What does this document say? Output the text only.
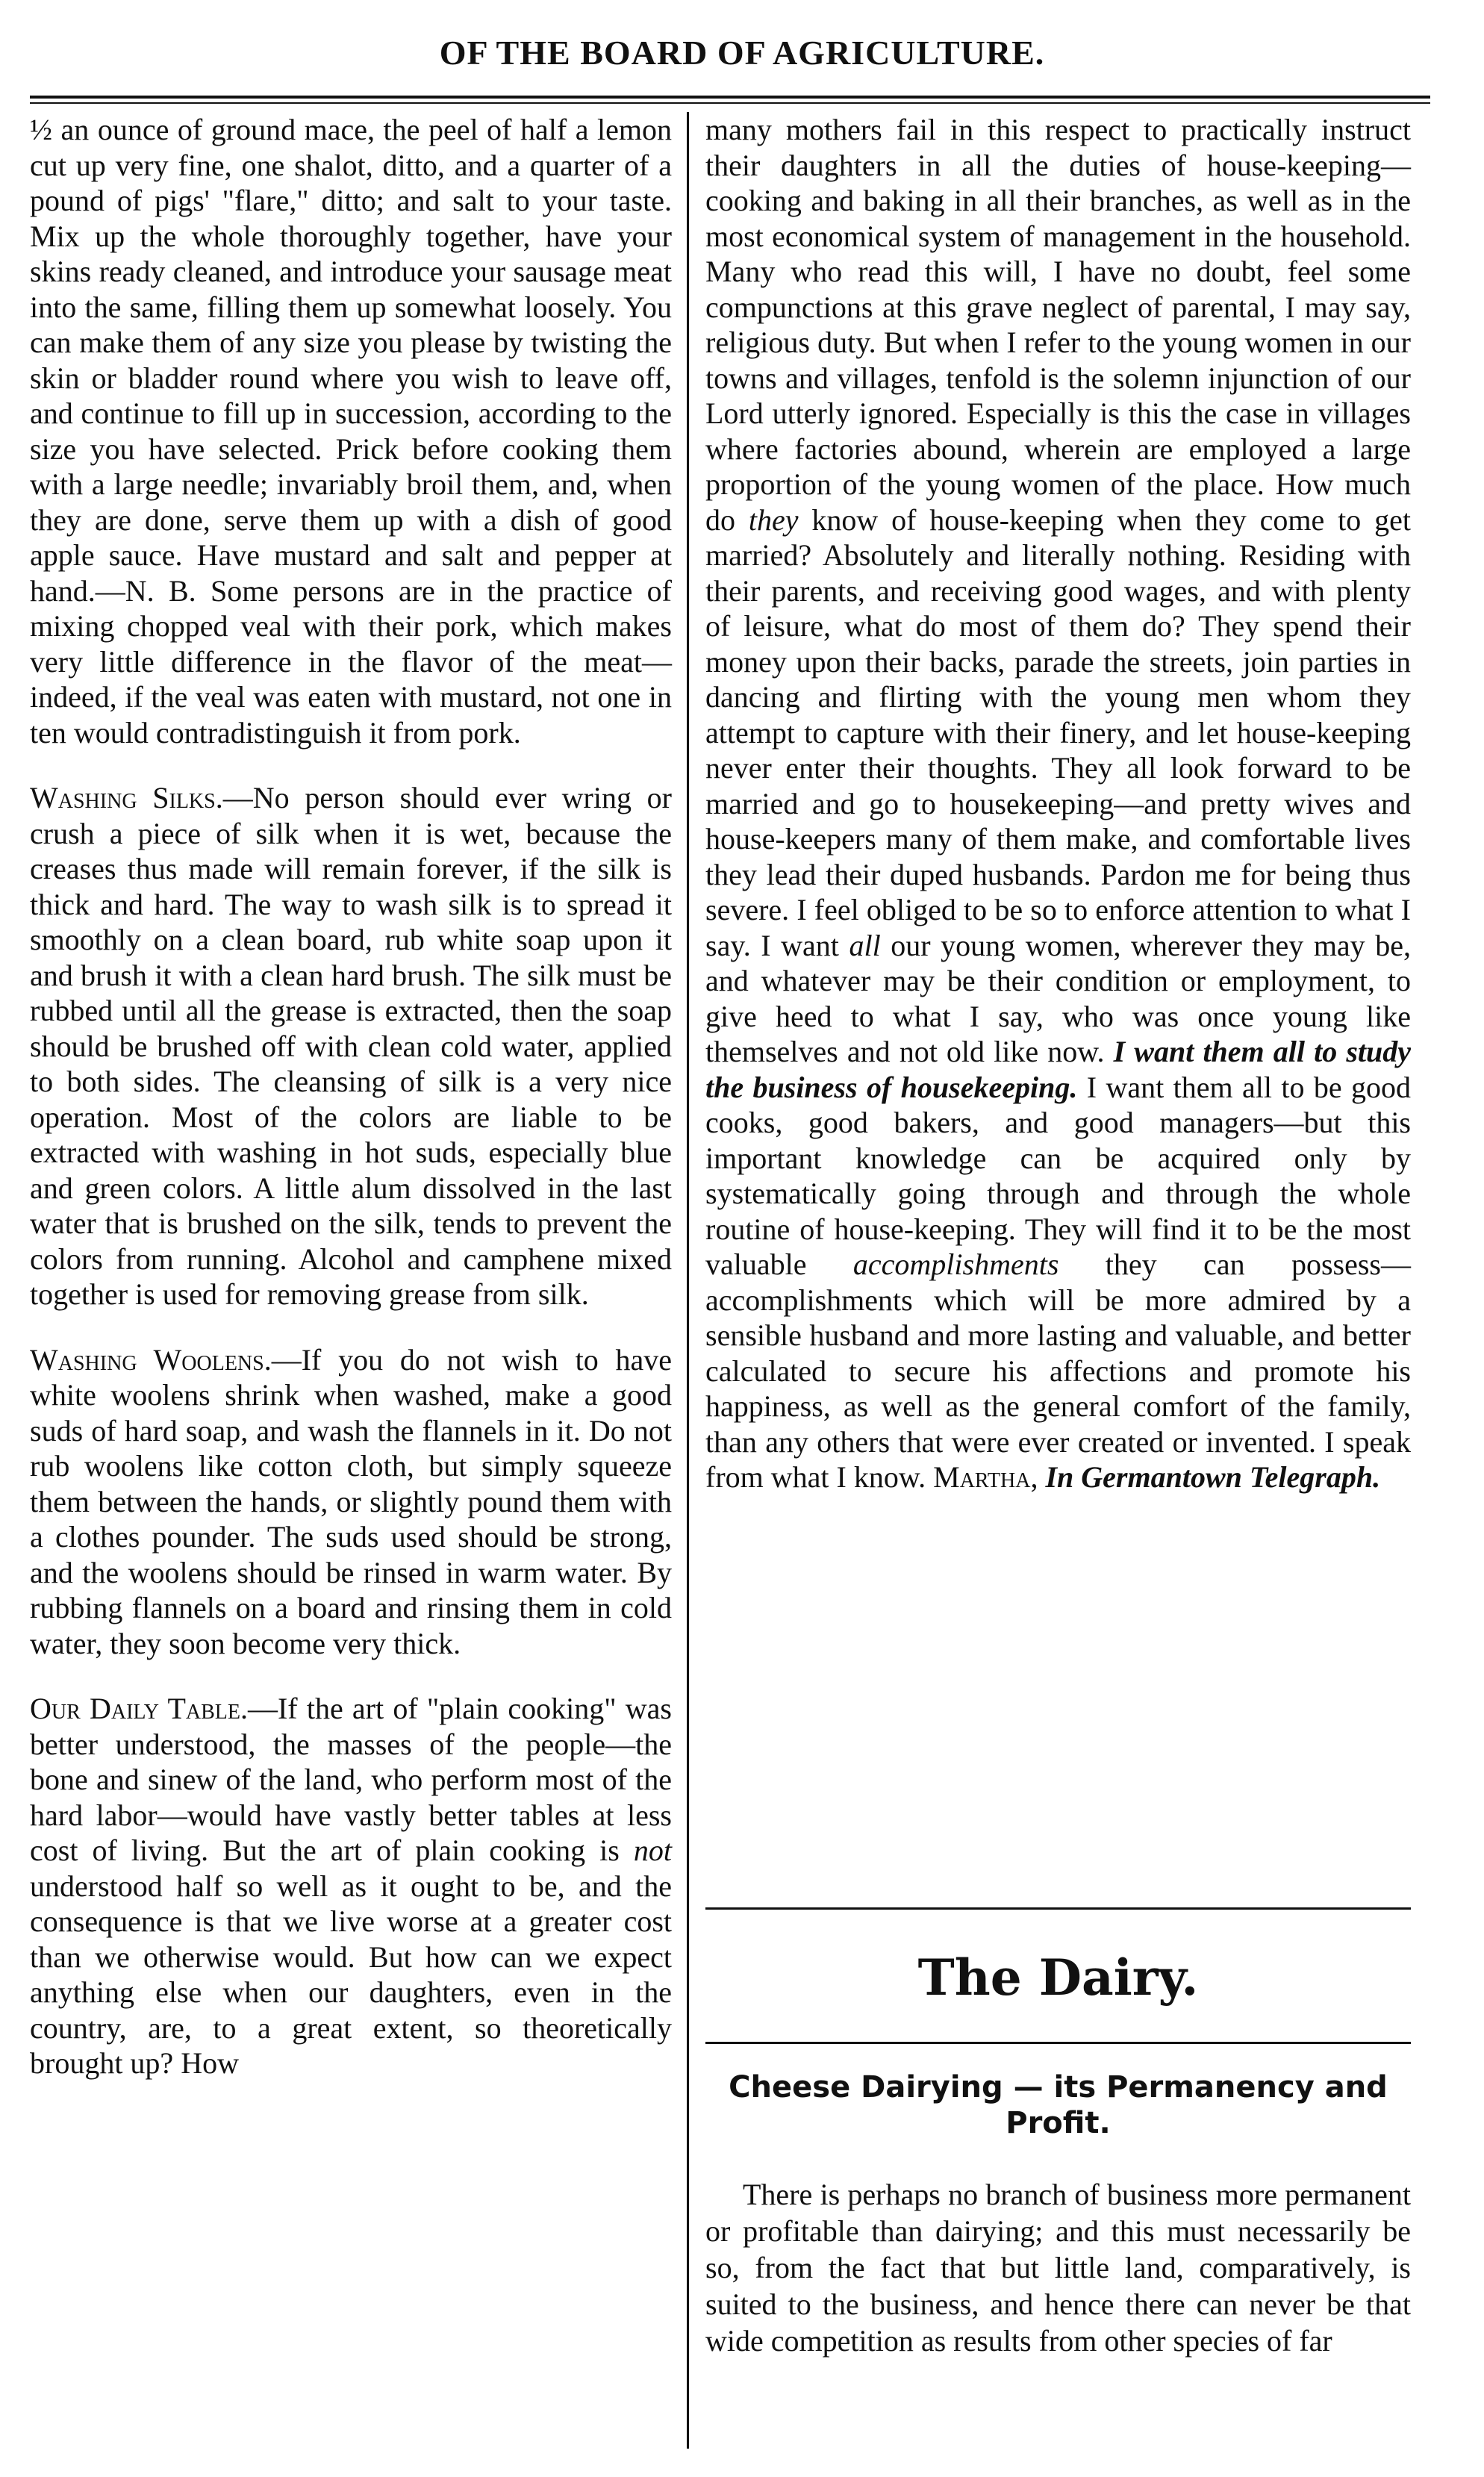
OF THE BOARD OF AGRICULTURE.

½ an ounce of ground mace, the peel of half a lemon cut up very fine, one shalot, ditto, and a quarter of a pound of pigs' "flare," ditto; and salt to your taste. Mix up the whole thoroughly together, have your skins ready cleaned, and introduce your sausage meat into the same, filling them up somewhat loosely. You can make them of any size you please by twisting the skin or bladder round where you wish to leave off, and continue to fill up in succession, according to the size you have selected. Prick before cooking them with a large needle; invariably broil them, and, when they are done, serve them up with a dish of good apple sauce. Have mustard and salt and pepper at hand.—N. B. Some persons are in the practice of mixing chopped veal with their pork, which makes very little difference in the flavor of the meat—indeed, if the veal was eaten with mustard, not one in ten would contradistinguish it from pork.

Washing Silks.—No person should ever wring or crush a piece of silk when it is wet, because the creases thus made will remain forever, if the silk is thick and hard. The way to wash silk is to spread it smoothly on a clean board, rub white soap upon it and brush it with a clean hard brush. The silk must be rubbed until all the grease is extracted, then the soap should be brushed off with clean cold water, applied to both sides. The cleansing of silk is a very nice operation. Most of the colors are liable to be extracted with washing in hot suds, especially blue and green colors. A little alum dissolved in the last water that is brushed on the silk, tends to prevent the colors from running. Alcohol and camphene mixed together is used for removing grease from silk.

Washing Woolens.—If you do not wish to have white woolens shrink when washed, make a good suds of hard soap, and wash the flannels in it. Do not rub woolens like cotton cloth, but simply squeeze them between the hands, or slightly pound them with a clothes pounder. The suds used should be strong, and the woolens should be rinsed in warm water. By rubbing flannels on a board and rinsing them in cold water, they soon become very thick.

Our Daily Table.—If the art of "plain cooking" was better understood, the masses of the people—the bone and sinew of the land, who perform most of the hard labor—would have vastly better tables at less cost of living. But the art of plain cooking is not understood half so well as it ought to be, and the consequence is that we live worse at a greater cost than we otherwise would. But how can we expect anything else when our daughters, even in the country, are, to a great extent, so theoretically brought up? How

many mothers fail in this respect to practically instruct their daughters in all the duties of house-keeping—cooking and baking in all their branches, as well as in the most economical system of management in the household. Many who read this will, I have no doubt, feel some compunctions at this grave neglect of parental, I may say, religious duty. But when I refer to the young women in our towns and villages, tenfold is the solemn injunction of our Lord utterly ignored. Especially is this the case in villages where factories abound, wherein are employed a large proportion of the young women of the place. How much do they know of house-keeping when they come to get married? Absolutely and literally nothing. Residing with their parents, and receiving good wages, and with plenty of leisure, what do most of them do? They spend their money upon their backs, parade the streets, join parties in dancing and flirting with the young men whom they attempt to capture with their finery, and let house-keeping never enter their thoughts. They all look forward to be married and go to housekeeping—and pretty wives and house-keepers many of them make, and comfortable lives they lead their duped husbands. Pardon me for being thus severe. I feel obliged to be so to enforce attention to what I say. I want all our young women, wherever they may be, and whatever may be their condition or employment, to give heed to what I say, who was once young like themselves and not old like now. I want them all to study the business of housekeeping. I want them all to be good cooks, good bakers, and good managers—but this important knowledge can be acquired only by systematically going through and through the whole routine of house-keeping. They will find it to be the most valuable accomplishments they can possess—accomplishments which will be more admired by a sensible husband and more lasting and valuable, and better calculated to secure his affections and promote his happiness, as well as the general comfort of the family, than any others that were ever created or invented. I speak from what I know. Martha, In Germantown Telegraph.

The Dairy.
Cheese Dairying — its Permanency and Profit.
There is perhaps no branch of business more permanent or profitable than dairying; and this must necessarily be so, from the fact that but little land, comparatively, is suited to the business, and hence there can never be that wide competition as results from other species of far
